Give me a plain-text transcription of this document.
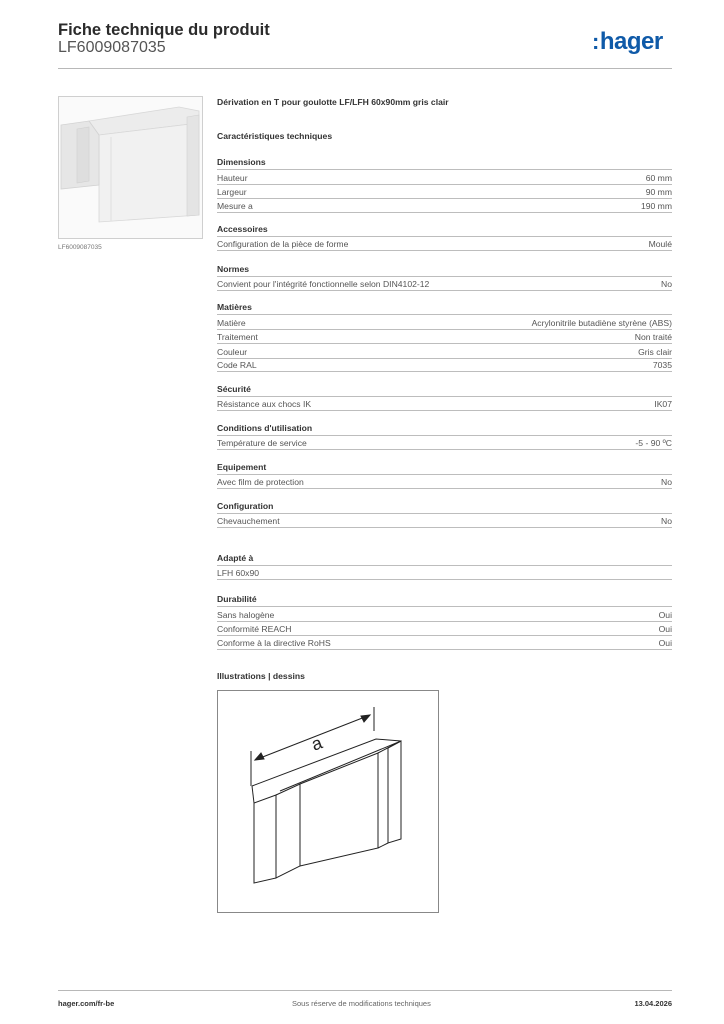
Fiche technique du produit
LF6009087035	:hager
LF6009087035
Dérivation en T pour goulotte LF/LFH 60x90mm gris clair
Caractéristiques techniques
Dimensions
Hauteur	60 mm
Largeur	90 mm
Mesure a	190 mm
Accessoires
Configuration de la pièce de forme	Moulé
Normes
Convient pour l'intégrité fonctionnelle selon DIN4102-12	No
Matières
Matière	Acrylonitrile butadiène styrène (ABS)
Traitement	Non traité
Couleur	Gris clair
Code RAL	7035
Sécurité
Résistance aux chocs IK	IK07
Conditions d'utilisation
Température de service	-5 - 90 ºC
Equipement
Avec film de protection	No
Configuration
Chevauchement	No
Adapté à
LFH 60x90
Durabilité
Sans halogène	Oui
Conformité REACH	Oui
Conforme à la directive RoHS	Oui
Illustrations | dessins
a
hager.com/fr-be	Sous réserve de modifications techniques	13.04.2026
